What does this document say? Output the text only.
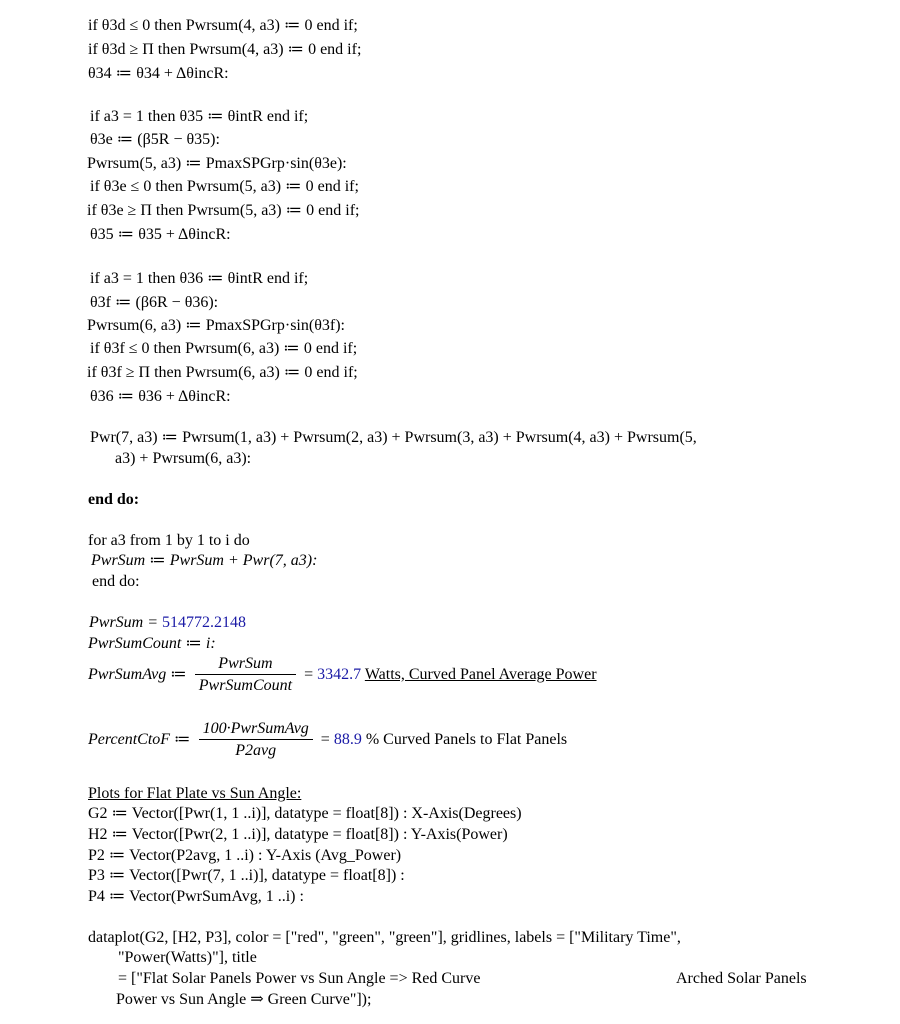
if θ3d ≤ 0 then Pwrsum(4, a3) ≔ 0 end if;
if θ3d ≥ Π then Pwrsum(4, a3) ≔ 0 end if;
θ34 ≔ θ34 + ΔθincR:
if a3 = 1 then θ35 ≔ θintR end if;
θ3e ≔ (β5R − θ35):
Pwrsum(5, a3) ≔ PmaxSPGrp·sin(θ3e):
if θ3e ≤ 0 then Pwrsum(5, a3) ≔ 0 end if;
if θ3e ≥ Π then Pwrsum(5, a3) ≔ 0 end if;
θ35 ≔ θ35 + ΔθincR:
if a3 = 1 then θ36 ≔ θintR end if;
θ3f ≔ (β6R − θ36):
Pwrsum(6, a3) ≔ PmaxSPGrp·sin(θ3f):
if θ3f ≤ 0 then Pwrsum(6, a3) ≔ 0 end if;
if θ3f ≥ Π then Pwrsum(6, a3) ≔ 0 end if;
θ36 ≔ θ36 + ΔθincR:
Pwr(7, a3) ≔ Pwrsum(1, a3) + Pwrsum(2, a3) + Pwrsum(3, a3) + Pwrsum(4, a3) + Pwrsum(5,
a3) + Pwrsum(6, a3):
end do:
for a3 from 1 by 1 to i do
PwrSum ≔ PwrSum + Pwr(7, a3):
end do:
PwrSum = 514772.2148
PwrSumCount ≔ i:
PwrSumAvg ≔ $\frac{\text{PwrSum}}{\text{PwrSumCount}} = 3342.7$ Watts, Curved Panel Average Power
PercentCtoF ≔ $\frac{\text{100·PwrSumAvg}}{\text{P2avg}} = 88.9$ % Curved Panels to Flat Panels
Plots for Flat Plate vs Sun Angle:
G2 ≔ Vector([Pwr(1, 1 ..i)], datatype = float[8]) : X-Axis(Degrees)
H2 ≔ Vector([Pwr(2, 1 ..i)], datatype = float[8]) : Y-Axis(Power)
P2 ≔ Vector(P2avg, 1 ..i) : Y-Axis (Avg_Power)
P3 ≔ Vector([Pwr(7, 1 ..i)], datatype = float[8]) :
P4 ≔ Vector(PwrSumAvg, 1 ..i) :
dataplot(G2, [H2, P3], color = ["red", "green", "green"], gridlines, labels = ["Military Time",
"Power(Watts)"], title
= ["Flat Solar Panels Power vs Sun Angle => Red Curve	Arched Solar Panels
Power vs Sun Angle ⇒ Green Curve"]);
